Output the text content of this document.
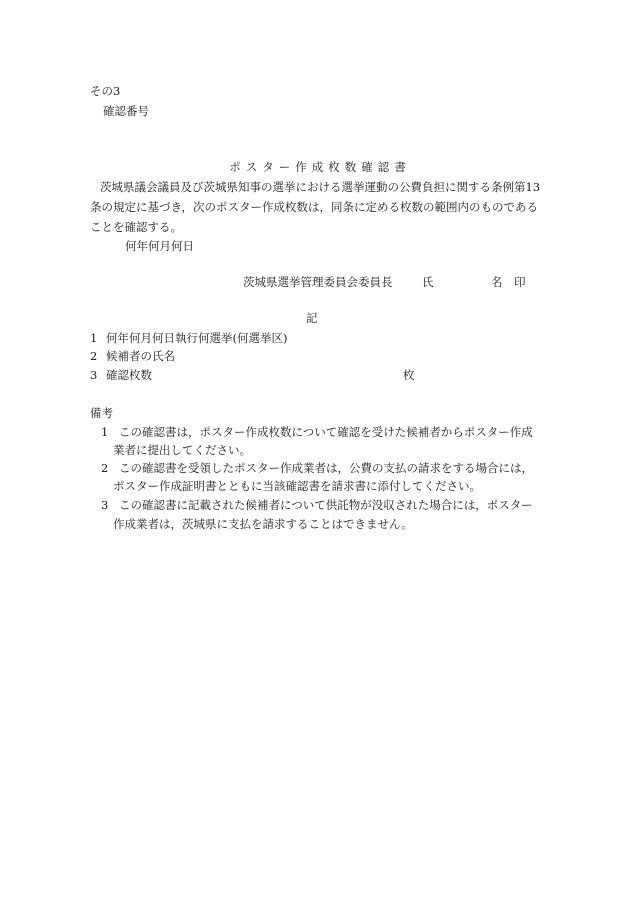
その3
確認番号
ポスター作成枚数確認書
茨城県議会議員及び茨城県知事の選挙における選挙運動の公費負担に関する条例第13
条の規定に基づき，次のポスター作成枚数は，同条に定める枚数の範囲内のものである
ことを確認する。
何年何月何日
茨城県選挙管理委員会委員長	氏	名　印
記
1 何年何月何日執行何選挙(何選挙区)
2 候補者の氏名
3 確認枚数	枚
備考
1 この確認書は，ポスター作成枚数について確認を受けた候補者からポスター作成
業者に提出してください。
2 この確認書を受領したポスター作成業者は，公費の支払の請求をする場合には，
ポスター作成証明書とともに当該確認書を請求書に添付してください。
3 この確認書に記載された候補者について供託物が没収された場合には，ポスター
作成業者は，茨城県に支払を請求することはできません。
